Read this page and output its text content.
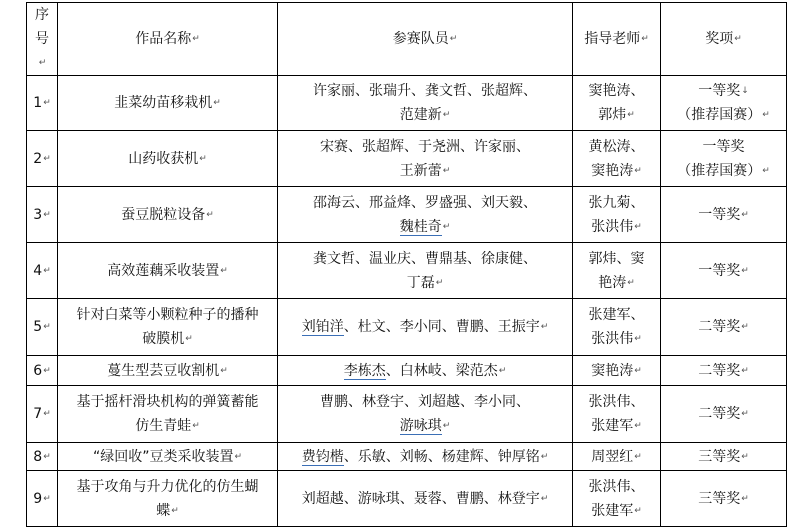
序
号↵	作品名称↵	参赛队员↵	指导老师↵	奖项↵
1↵	韭菜幼苗移栽机↵	许家丽、张瑞升、龚文哲、张超辉、
范建新↵	窦艳涛、
郭炜↵	一等奖↓
（推荐国赛）↵
2↵	山药收获机↵	宋赛、张超辉、于尧洲、许家丽、
王新蕾↵	黄松涛、
窦艳涛↵	一等奖
（推荐国赛）↵
3↵	蚕豆脱粒设备↵	邵海云、邢益烽、罗盛强、刘天毅、
魏桂奇↵	张九菊、
张洪伟↵	一等奖↵
4↵	高效莲藕采收装置↵	龚文哲、温业庆、曹鼎基、徐康健、
丁磊↵	郭炜、窦
艳涛↵	一等奖↵
5↵	针对白菜等小颗粒种子的播种
破膜机↵	刘铂洋、杜文、李小同、曹鹏、王振宇↵	张建军、
张洪伟↵	二等奖↵
6↵	蔓生型芸豆收割机↵	李栋杰、白林岐、梁范杰↵	窦艳涛↵	二等奖↵
7↵	基于摇杆滑块机构的弹簧蓄能
仿生青蛙↵	曹鹏、林登宇、刘超越、李小同、
游咏琪↵	张洪伟、
张建军↵	二等奖↵
8↵	“绿回收”豆类采收装置↵	费钧楷、乐敏、刘畅、杨建辉、钟厚铭↵	周翌红↵	三等奖↵
9↵	基于攻角与升力优化的仿生蝴
蝶↵	刘超越、游咏琪、聂蓉、曹鹏、林登宇↵	张洪伟、
张建军↵	三等奖↵
